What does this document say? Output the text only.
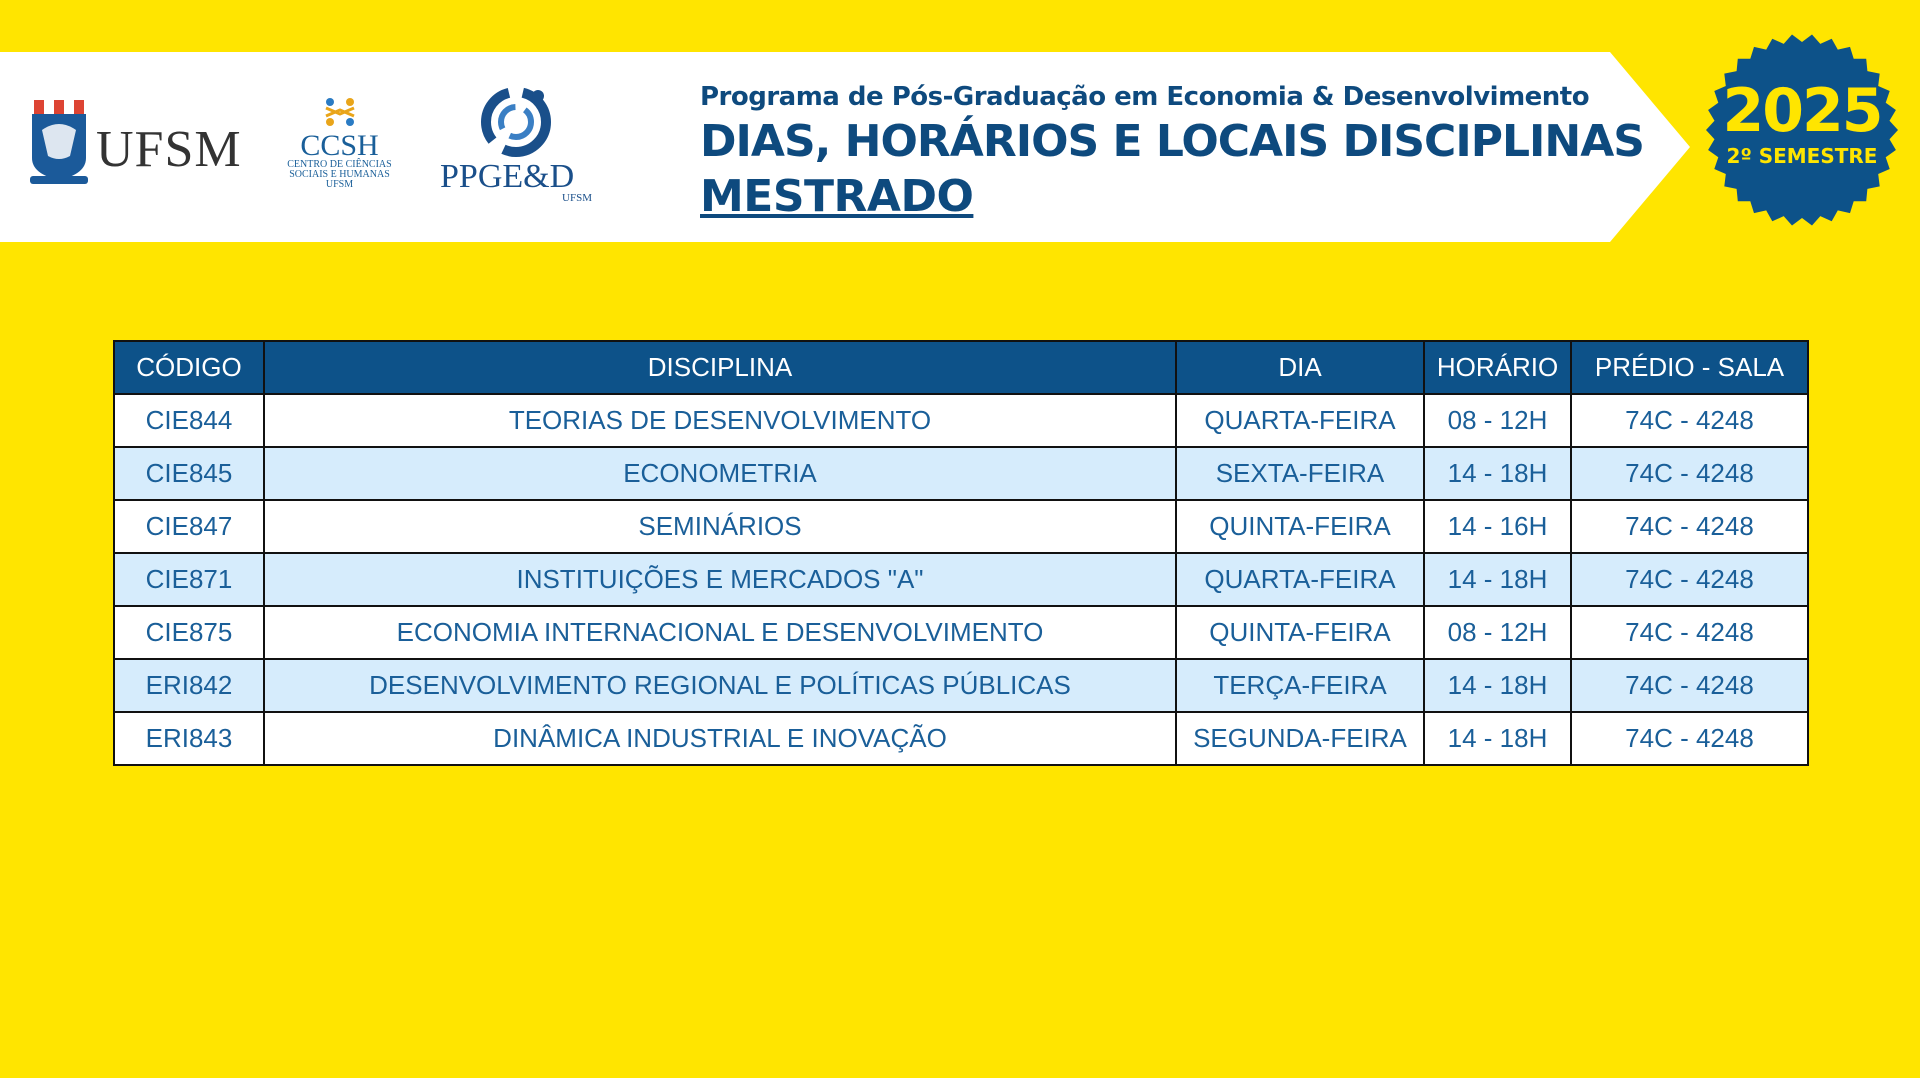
UFSM	CCSH
CENTRO DE CIÊNCIAS
SOCIAIS E HUMANAS
UFSM	PPGE&D
UFSM
Programa de Pós-Graduação em Economia & Desenvolvimento
DIAS, HORÁRIOS E LOCAIS DISCIPLINAS
MESTRADO
2025
2º SEMESTRE
CÓDIGO	DISCIPLINA	DIA	HORÁRIO	PRÉDIO - SALA
CIE844	TEORIAS DE DESENVOLVIMENTO	QUARTA-FEIRA	08 - 12H	74C - 4248
CIE845	ECONOMETRIA	SEXTA-FEIRA	14 - 18H	74C - 4248
CIE847	SEMINÁRIOS	QUINTA-FEIRA	14 - 16H	74C - 4248
CIE871	INSTITUIÇÕES E MERCADOS "A"	QUARTA-FEIRA	14 - 18H	74C - 4248
CIE875	ECONOMIA INTERNACIONAL E DESENVOLVIMENTO	QUINTA-FEIRA	08 - 12H	74C - 4248
ERI842	DESENVOLVIMENTO REGIONAL E POLÍTICAS PÚBLICAS	TERÇA-FEIRA	14 - 18H	74C - 4248
ERI843	DINÂMICA INDUSTRIAL E INOVAÇÃO	SEGUNDA-FEIRA	14 - 18H	74C - 4248
